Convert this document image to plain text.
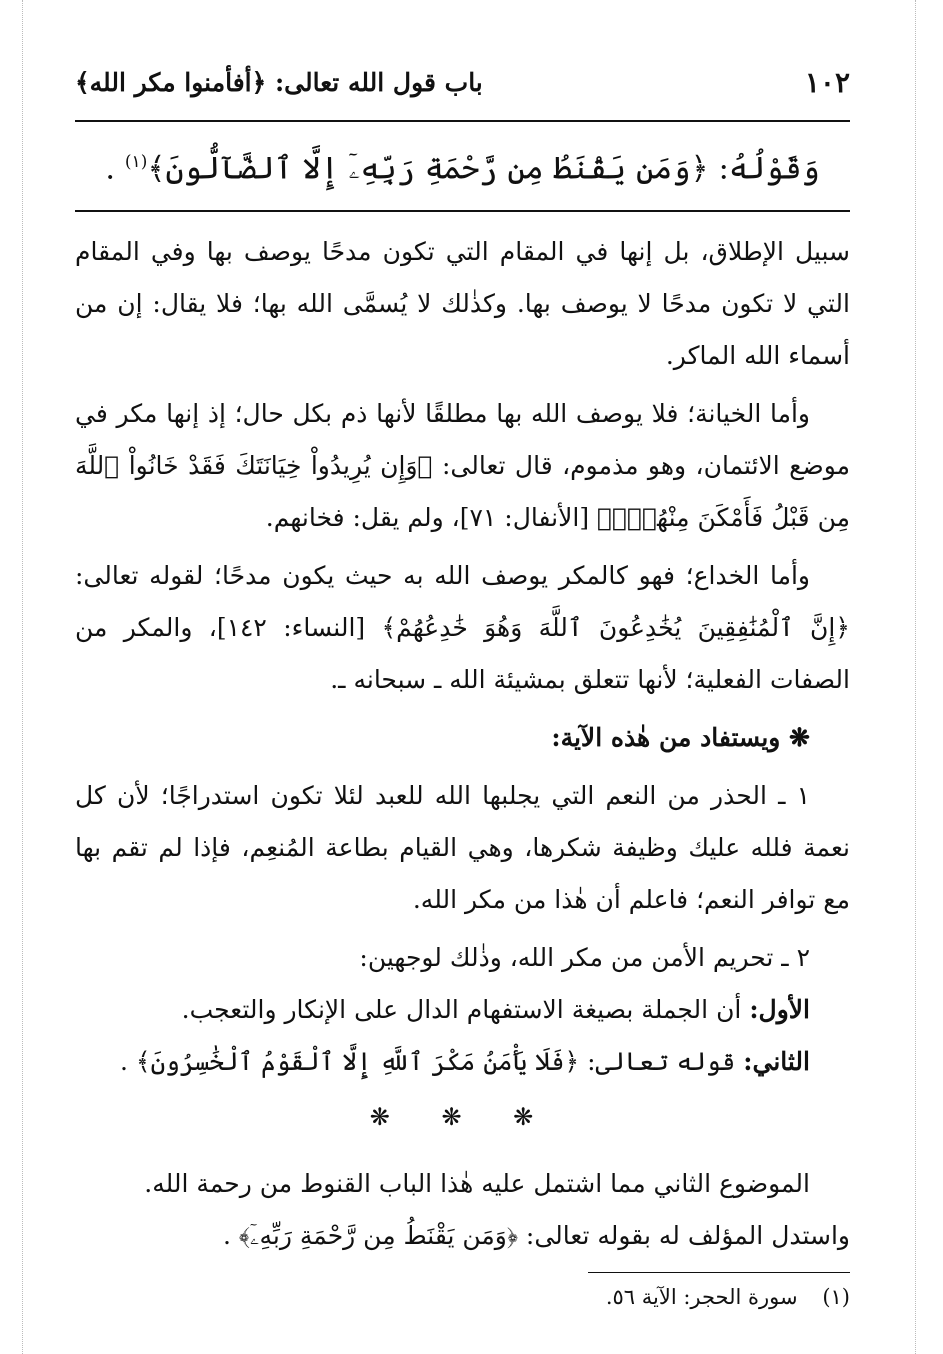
١٠٢
باب قول الله تعالى: ﴿أفأمنوا مكر الله﴾
وَقَوْلُهُ: ﴿وَمَن يَقْنَطُ مِن رَّحْمَةِ رَبِّهِۦٓ إِلَّا ٱلضَّآلُّونَ﴾$^{(١)}$ .

سبيل الإطلاق، بل إنها في المقام التي تكون مدحًا يوصف بها وفي المقام التي لا تكون مدحًا لا يوصف بها. وكذٰلك لا يُسمَّى الله بها؛ فلا يقال: إن من أسماء الله الماكر.

وأما الخيانة؛ فلا يوصف الله بها مطلقًا لأنها ذم بكل حال؛ إذ إنها مكر في موضع الائتمان، وهو مذموم، قال تعالى: ﴿وَإِن يُرِيدُواْ خِيَانَتَكَ فَقَدْ خَانُواْ ٱللَّهَ مِن قَبْلُ فَأَمْكَنَ مِنْهُمْۗ﴾ [الأنفال: ٧١]، ولم يقل: فخانهم.

وأما الخداع؛ فهو كالمكر يوصف الله به حيث يكون مدحًا؛ لقوله تعالى: ﴿إِنَّ ٱلْمُنَٰفِقِينَ يُخَٰدِعُونَ ٱللَّهَ وَهُوَ خَٰدِعُهُمْ﴾ [النساء: ١٤٢]، والمكر من الصفات الفعلية؛ لأنها تتعلق بمشيئة الله ـ سبحانه ـ.

❋ ويستفاد من هٰذه الآية:

١ ـ الحذر من النعم التي يجلبها الله للعبد لئلا تكون استدراجًا؛ لأن كل نعمة فلله عليك وظيفة شكرها، وهي القيام بطاعة المُنعِم، فإذا لم تقم بها مع توافر النعم؛ فاعلم أن هٰذا من مكر الله.

٢ ـ تحريم الأمن من مكر الله، وذٰلك لوجهين:

الأول: أن الجملة بصيغة الاستفهام الدال على الإنكار والتعجب.

الثاني: قوله تعالى: ﴿فَلَا يَأْمَنُ مَكْرَ ٱللَّهِ إِلَّا ٱلْقَوْمُ ٱلْخَٰسِرُونَ﴾ .

❋ ❋ ❋

الموضوع الثاني مما اشتمل عليه هٰذا الباب القنوط من رحمة الله.

واستدل المؤلف له بقوله تعالى: ﴿وَمَن يَقْنَطُ مِن رَّحْمَةِ رَبِّهِۦٓ﴾ .

(١) سورة الحجر: الآية ٥٦.
